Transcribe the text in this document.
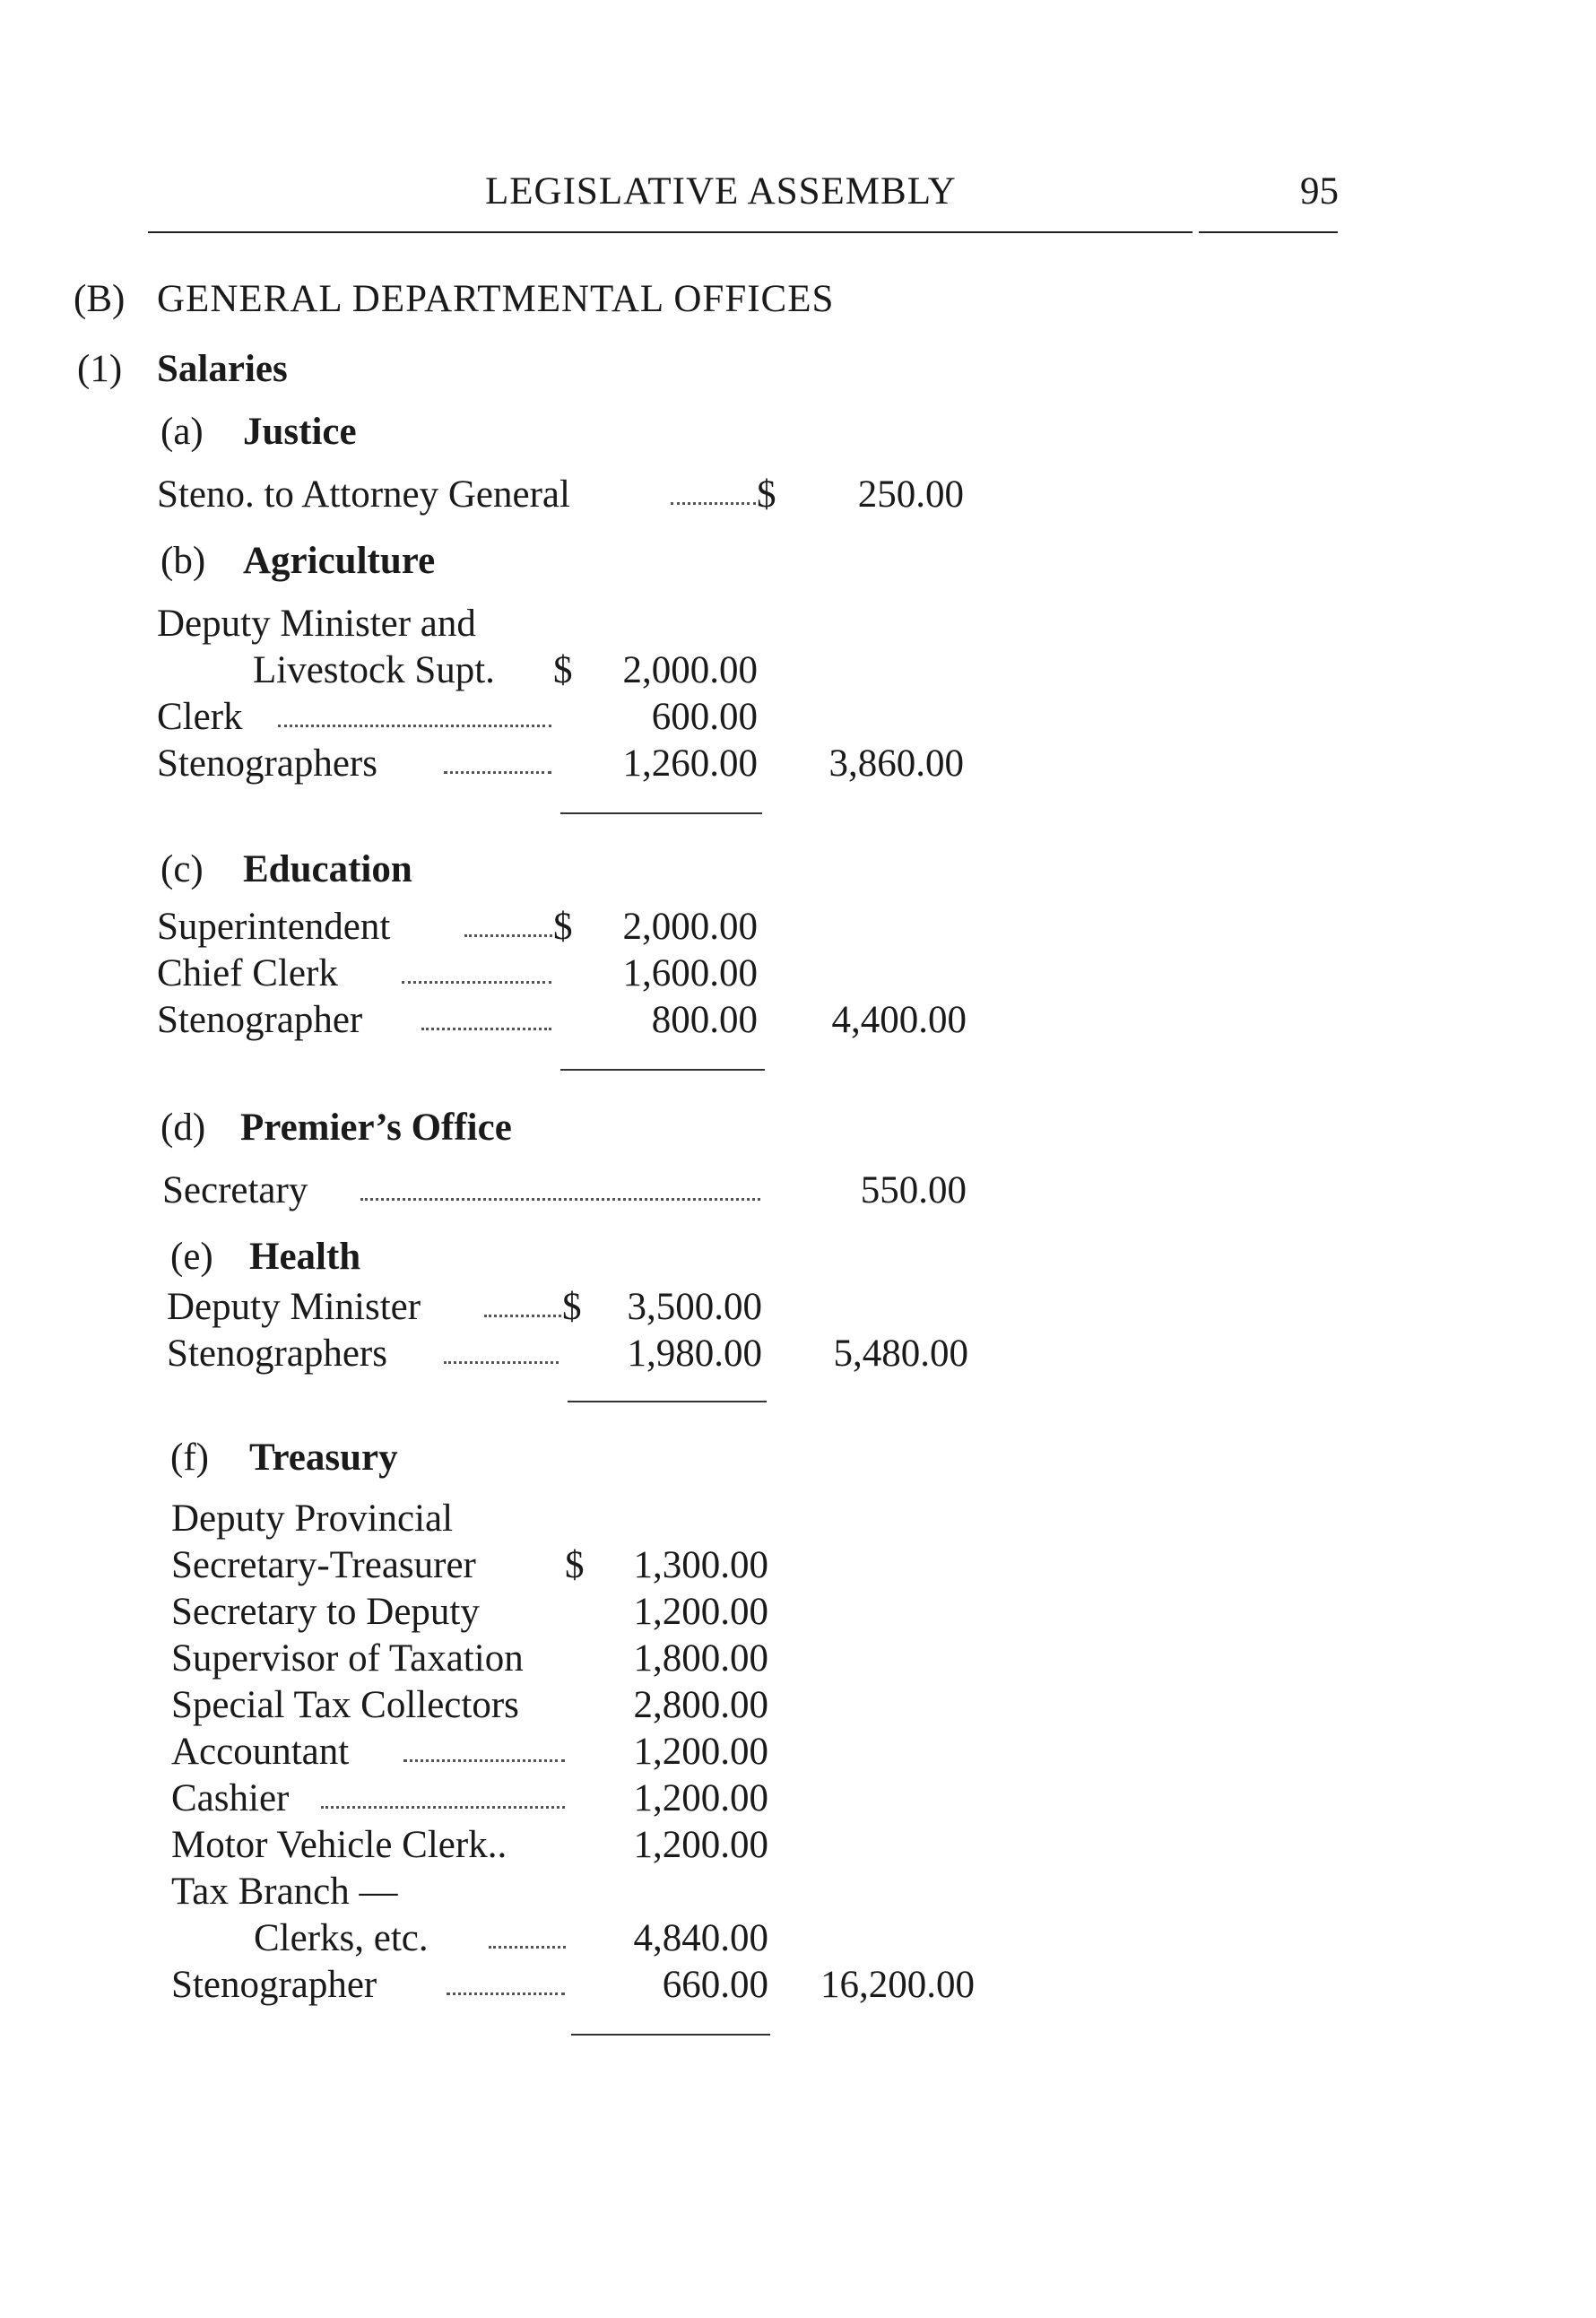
LEGISLATIVE ASSEMBLY	95
(B) GENERAL DEPARTMENTAL OFFICES
(1) Salaries
(a) Justice
Steno. to Attorney General	$	250.00
(b) Agriculture
Deputy Minister and
Livestock Supt. $	2,000.00
Clerk	600.00
Stenographers	1,260.00	3,860.00
(c) Education
Superintendent	$	2,000.00
Chief Clerk	1,600.00
Stenographer	800.00	4,400.00
(d) Premier’s Office
Secretary	550.00
(e) Health
Deputy Minister	$	3,500.00
Stenographers	1,980.00	5,480.00
(f) Treasury
Deputy Provincial
Secretary-Treasurer $	1,300.00
Secretary to Deputy	1,200.00
Supervisor of Taxation	1,800.00
Special Tax Collectors	2,800.00
Accountant	1,200.00
Cashier	1,200.00
Motor Vehicle Clerk..	1,200.00
Tax Branch —
Clerks, etc.	4,840.00
Stenographer	660.00	16,200.00
